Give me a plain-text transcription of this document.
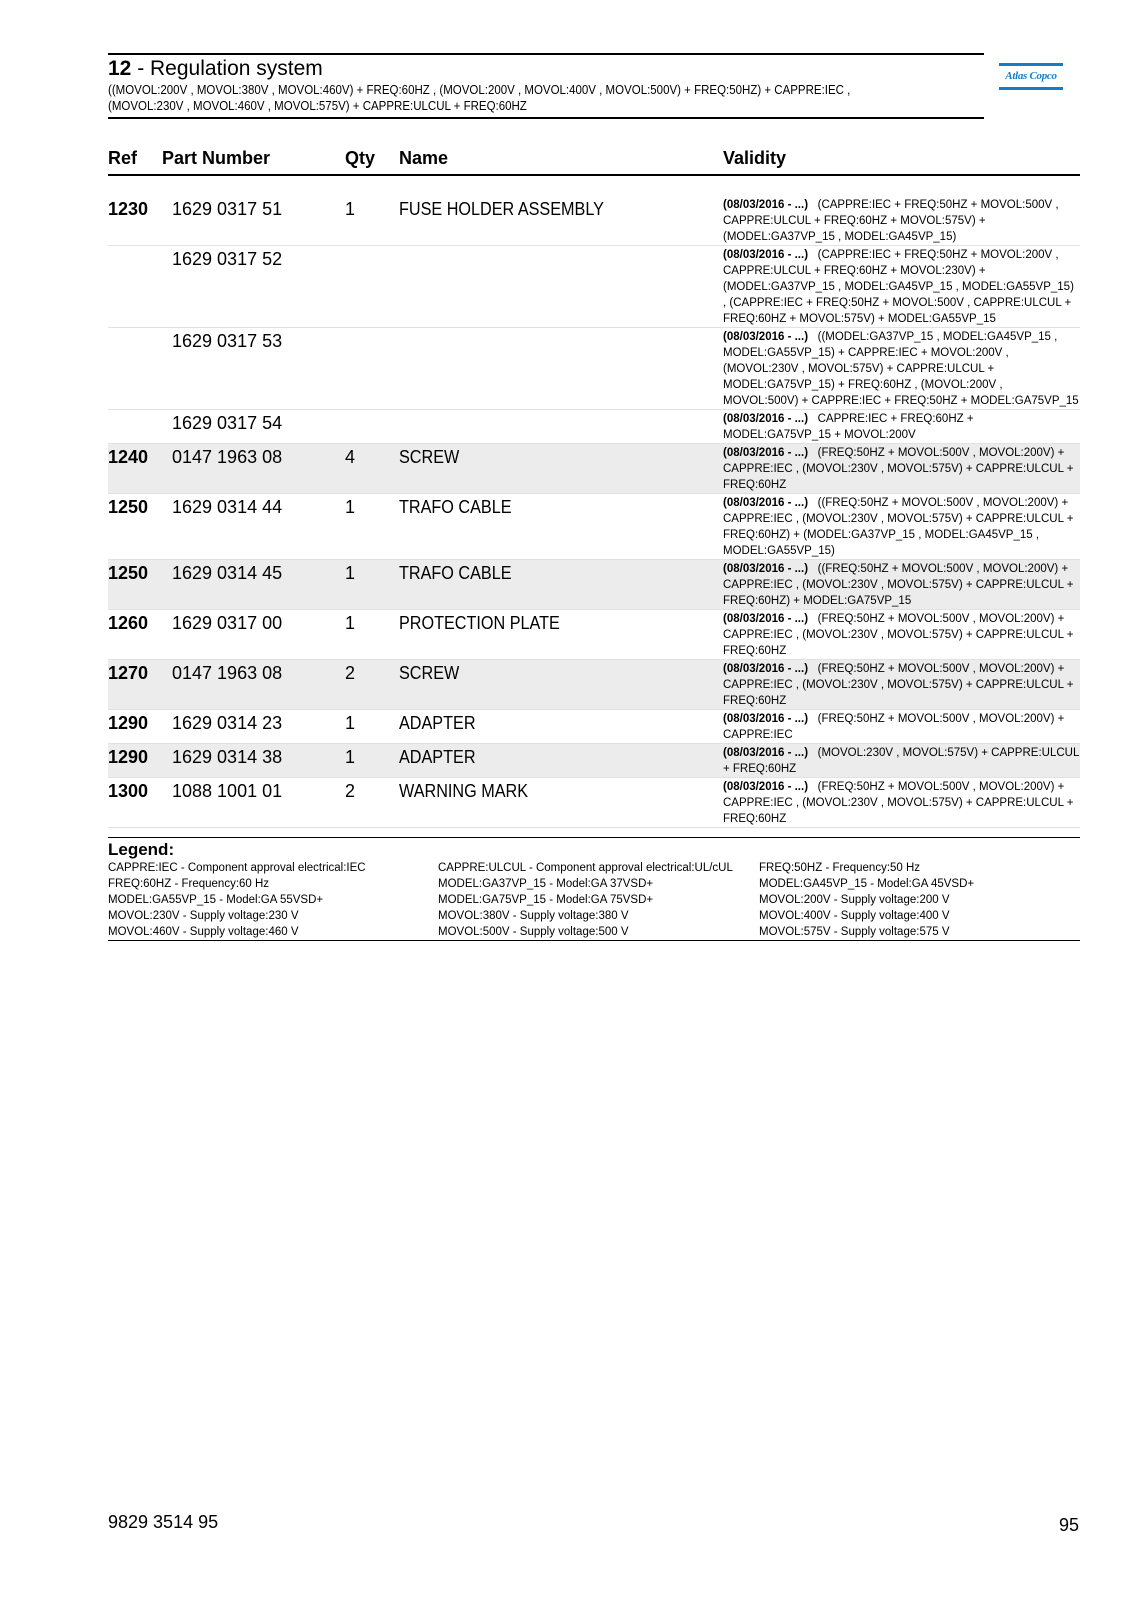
12 - Regulation system
((MOVOL:200V , MOVOL:380V , MOVOL:460V) + FREQ:60HZ , (MOVOL:200V , MOVOL:400V , MOVOL:500V) + FREQ:50HZ) + CAPPRE:IEC ,
(MOVOL:230V , MOVOL:460V , MOVOL:575V) + CAPPRE:ULCUL + FREQ:60HZ
Atlas Copco
Ref Part Number	Qty Name	Validity
1230 1629 0317 51	1 FUSE HOLDER ASSEMBLY	(08/03/2016 - ...) (CAPPRE:IEC + FREQ:50HZ + MOVOL:500V , CAPPRE:ULCUL + FREQ:60HZ + MOVOL:575V) + (MODEL:GA37VP_15 , MODEL:GA45VP_15)
1629 0317 52	(08/03/2016 - ...) (CAPPRE:IEC + FREQ:50HZ + MOVOL:200V , CAPPRE:ULCUL + FREQ:60HZ + MOVOL:230V) + (MODEL:GA37VP_15 , MODEL:GA45VP_15 , MODEL:GA55VP_15) , (CAPPRE:IEC + FREQ:50HZ + MOVOL:500V , CAPPRE:ULCUL + FREQ:60HZ + MOVOL:575V) + MODEL:GA55VP_15
1629 0317 53	(08/03/2016 - ...) ((MODEL:GA37VP_15 , MODEL:GA45VP_15 , MODEL:GA55VP_15) + CAPPRE:IEC + MOVOL:200V , (MOVOL:230V , MOVOL:575V) + CAPPRE:ULCUL + MODEL:GA75VP_15) + FREQ:60HZ , (MOVOL:200V , MOVOL:500V) + CAPPRE:IEC + FREQ:50HZ + MODEL:GA75VP_15
1629 0317 54	(08/03/2016 - ...) CAPPRE:IEC + FREQ:60HZ + MODEL:GA75VP_15 + MOVOL:200V
1240 0147 1963 08	4 SCREW	(08/03/2016 - ...) (FREQ:50HZ + MOVOL:500V , MOVOL:200V) + CAPPRE:IEC , (MOVOL:230V , MOVOL:575V) + CAPPRE:ULCUL + FREQ:60HZ
1250 1629 0314 44	1 TRAFO CABLE	(08/03/2016 - ...) ((FREQ:50HZ + MOVOL:500V , MOVOL:200V) + CAPPRE:IEC , (MOVOL:230V , MOVOL:575V) + CAPPRE:ULCUL + FREQ:60HZ) + (MODEL:GA37VP_15 , MODEL:GA45VP_15 , MODEL:GA55VP_15)
1250 1629 0314 45	1 TRAFO CABLE	(08/03/2016 - ...) ((FREQ:50HZ + MOVOL:500V , MOVOL:200V) + CAPPRE:IEC , (MOVOL:230V , MOVOL:575V) + CAPPRE:ULCUL + FREQ:60HZ) + MODEL:GA75VP_15
1260 1629 0317 00	1 PROTECTION PLATE	(08/03/2016 - ...) (FREQ:50HZ + MOVOL:500V , MOVOL:200V) + CAPPRE:IEC , (MOVOL:230V , MOVOL:575V) + CAPPRE:ULCUL + FREQ:60HZ
1270 0147 1963 08	2 SCREW	(08/03/2016 - ...) (FREQ:50HZ + MOVOL:500V , MOVOL:200V) + CAPPRE:IEC , (MOVOL:230V , MOVOL:575V) + CAPPRE:ULCUL + FREQ:60HZ
1290 1629 0314 23	1 ADAPTER	(08/03/2016 - ...) (FREQ:50HZ + MOVOL:500V , MOVOL:200V) + CAPPRE:IEC
1290 1629 0314 38	1 ADAPTER	(08/03/2016 - ...) (MOVOL:230V , MOVOL:575V) + CAPPRE:ULCUL + FREQ:60HZ
1300 1088 1001 01	2 WARNING MARK	(08/03/2016 - ...) (FREQ:50HZ + MOVOL:500V , MOVOL:200V) + CAPPRE:IEC , (MOVOL:230V , MOVOL:575V) + CAPPRE:ULCUL + FREQ:60HZ
Legend:
CAPPRE:IEC - Component approval electrical:IEC
FREQ:60HZ - Frequency:60 Hz
MODEL:GA55VP_15 - Model:GA 55VSD+
MOVOL:230V - Supply voltage:230 V
MOVOL:460V - Supply voltage:460 V
CAPPRE:ULCUL - Component approval electrical:UL/cUL
MODEL:GA37VP_15 - Model:GA 37VSD+
MODEL:GA75VP_15 - Model:GA 75VSD+
MOVOL:380V - Supply voltage:380 V
MOVOL:500V - Supply voltage:500 V
FREQ:50HZ - Frequency:50 Hz
MODEL:GA45VP_15 - Model:GA 45VSD+
MOVOL:200V - Supply voltage:200 V
MOVOL:400V - Supply voltage:400 V
MOVOL:575V - Supply voltage:575 V
9829 3514 95	95
